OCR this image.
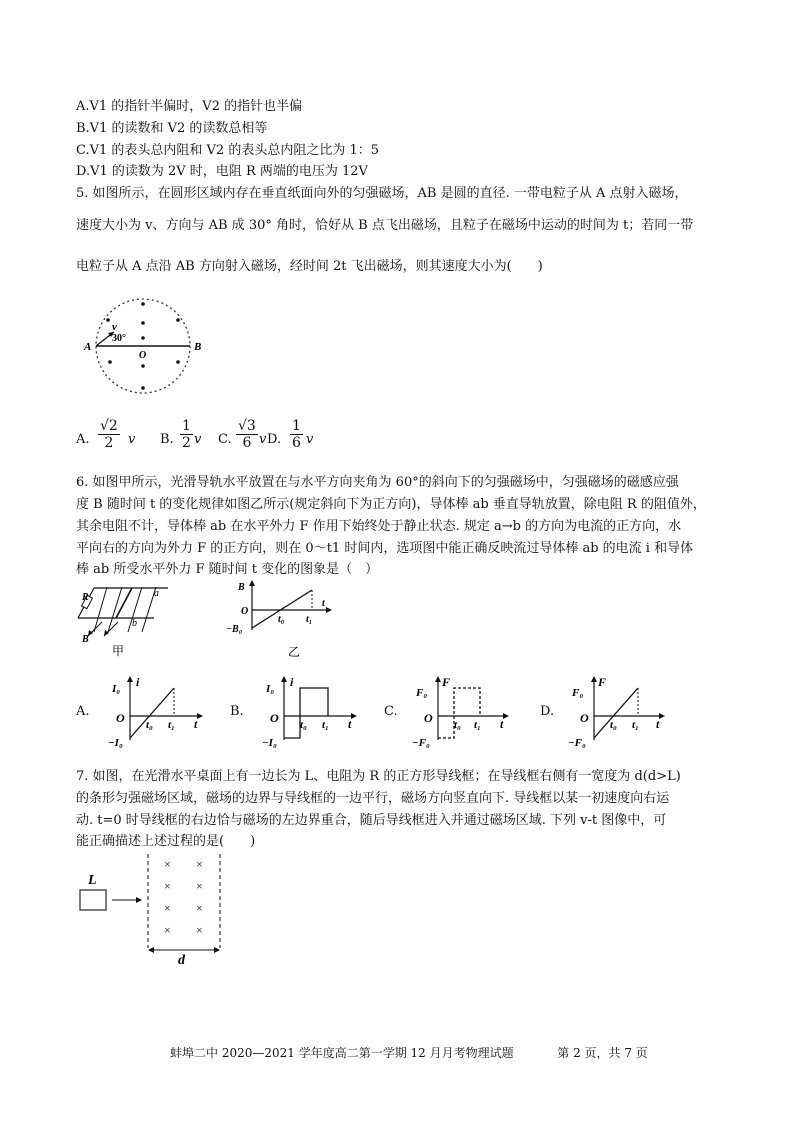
A.V1 的指针半偏时，V2 的指针也半偏
B.V1 的读数和 V2 的读数总相等
C.V1 的表头总内阻和 V2 的表头总内阻之比为 1：5
D.V1 的读数为 2V 时，电阻 R 两端的电压为 12V
5. 如图所示，在圆形区域内存在垂直纸面向外的匀强磁场，AB 是圆的直径. 一带电粒子从 A 点射入磁场，
速度大小为 v、方向与 AB 成 30° 角时，恰好从 B 点飞出磁场，且粒子在磁场中运动的时间为 t；若同一带
电粒子从 A 点沿 AB 方向射入磁场，经时间 2t 飞出磁场，则其速度大小为(　　)
A	B
O
v
30°
A. $\frac{√2}{2}$ v B. $\frac{1}{2}$ v C. $\frac{√3}{6}$ v D. $\frac{1}{6}$ v
6. 如图甲所示，光滑导轨水平放置在与水平方向夹角为 60°的斜向下的匀强磁场中，匀强磁场的磁感应强
度 B 随时间 t 的变化规律如图乙所示(规定斜向下为正方向)，导体棒 ab 垂直导轨放置，除电阻 R 的阻值外，
其余电阻不计，导体棒 ab 在水平外力 F 作用下始终处于静止状态. 规定 a→b 的方向为电流的正方向，水
平向右的方向为外力 F 的正方向，则在 0～t1 时间内，选项图中能正确反映流过导体棒 ab 的电流 i 和导体
棒 ab 所受水平外力 F 随时间 t 变化的图象是（　）
R	a
b
B
甲
B
O
−B₀
t₀ t₁
t
乙
A.
I₀ i
O
−I₀
t₀ t₁ t
B.
I₀ i
O
−I₀
t₀ t₁ t
C.
F₀
F
O
−F₀
t₀ t₁ t
D.
F₀
F
O
−F₀
t₀ t₁ t
7. 如图，在光滑水平桌面上有一边长为 L、电阻为 R 的正方形导线框；在导线框右侧有一宽度为 d(d>L)
的条形匀强磁场区域，磁场的边界与导线框的一边平行，磁场方向竖直向下. 导线框以某一初速度向右运
动. t=0 时导线框的右边恰与磁场的左边界重合，随后导线框进入并通过磁场区域. 下列 v-t 图像中，可
能正确描述上述过程的是(　　)
× ×
× ×
× ×
× ×
L
d
蚌埠二中 2020—2021 学年度高二第一学期 12 月月考物理试题	第 2 页，共 7 页
